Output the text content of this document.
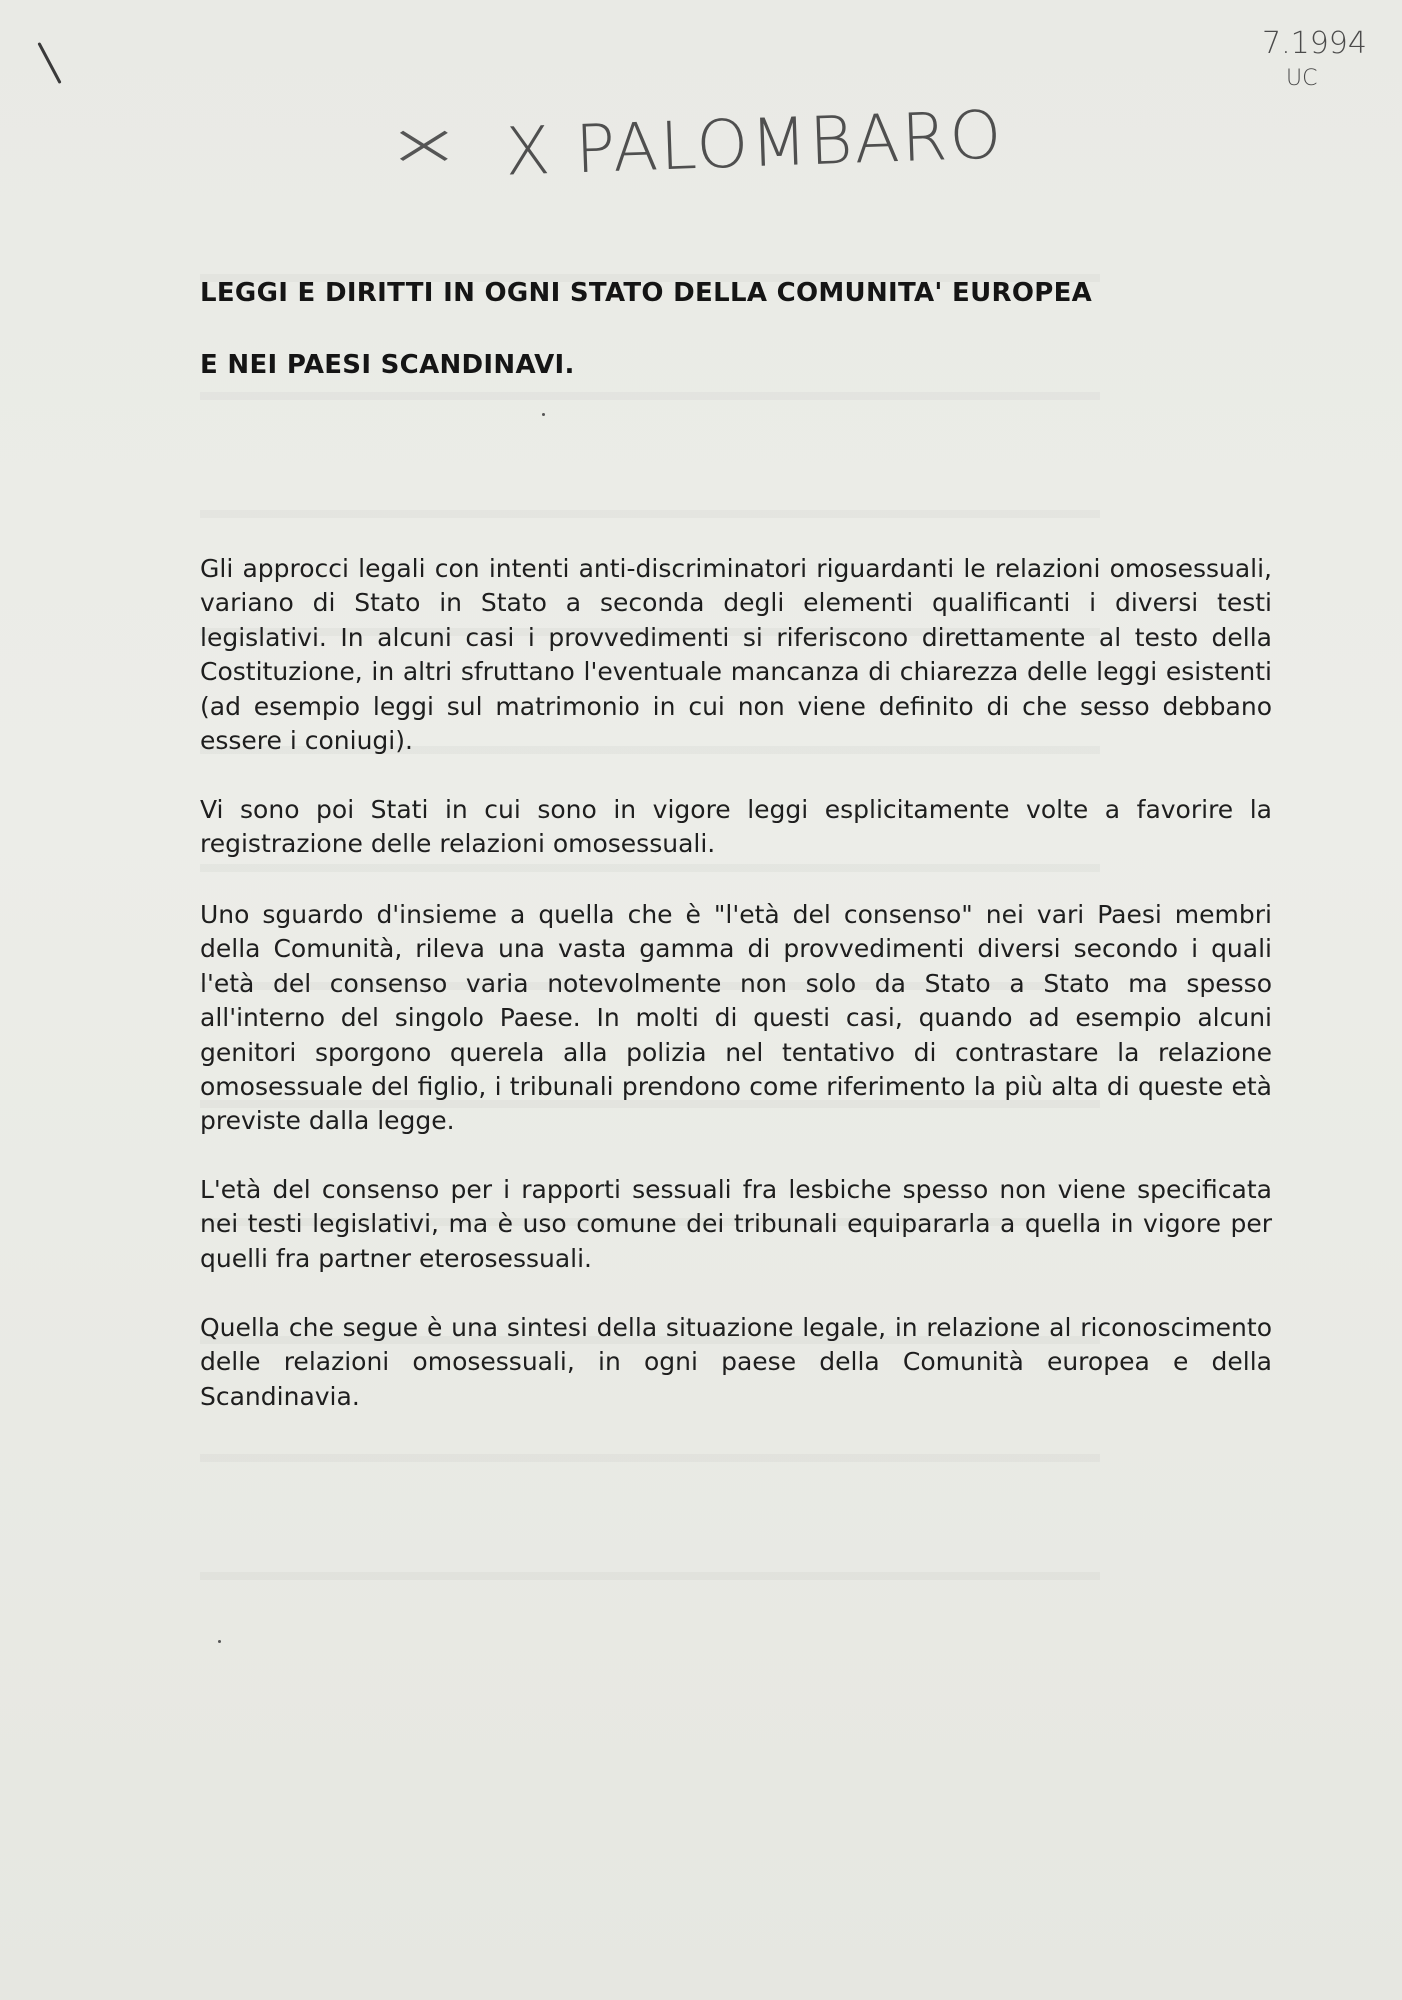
× X PALOMBARO
7.1994
UC
LEGGI E DIRITTI IN OGNI STATO DELLA COMUNITA' EUROPEA
E NEI PAESI SCANDINAVI.

Gli approcci legali con intenti anti-discriminatori riguardanti le relazioni omosessuali, variano di Stato in Stato a seconda degli elementi qualificanti i diversi testi legislativi. In alcuni casi i provvedimenti si riferiscono direttamente al testo della Costituzione, in altri sfruttano l'eventuale mancanza di chiarezza delle leggi esistenti (ad esempio leggi sul matrimonio in cui non viene definito di che sesso debbano essere i coniugi).

Vi sono poi Stati in cui sono in vigore leggi esplicitamente volte a favorire la registrazione delle relazioni omosessuali.

Uno sguardo d'insieme a quella che è "l'età del consenso" nei vari Paesi membri della Comunità, rileva una vasta gamma di provvedimenti diversi secondo i quali l'età del consenso varia notevolmente non solo da Stato a Stato ma spesso all'interno del singolo Paese. In molti di questi casi, quando ad esempio alcuni genitori sporgono querela alla polizia nel tentativo di contrastare la relazione omosessuale del figlio, i tribunali prendono come riferimento la più alta di queste età previste dalla legge.

L'età del consenso per i rapporti sessuali fra lesbiche spesso non viene specificata nei testi legislativi, ma è uso comune dei tribunali equipararla a quella in vigore per quelli fra partner eterosessuali.

Quella che segue è una sintesi della situazione legale, in relazione al riconoscimento delle relazioni omosessuali, in ogni paese della Comunità europea e della Scandinavia.
